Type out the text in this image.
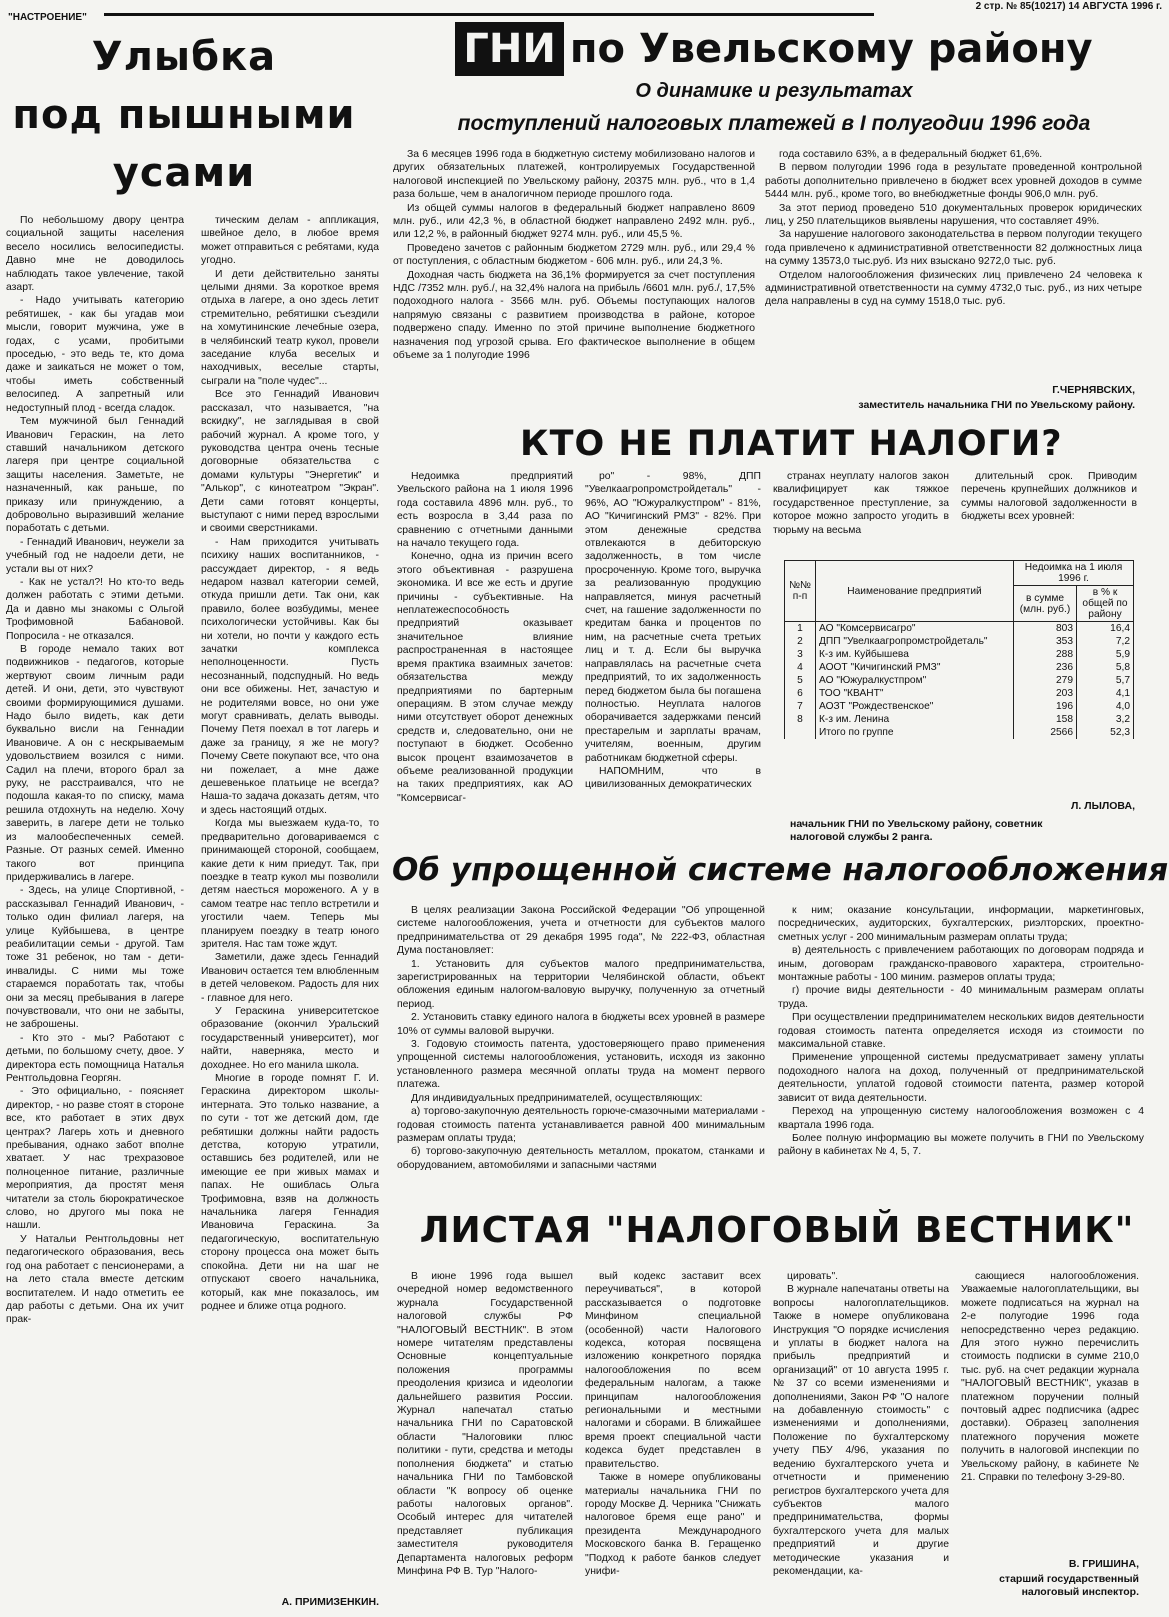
"НАСТРОЕНИЕ"
2 стр. № 85(10217) 14 АВГУСТА 1996 г.
Улыбка
под пышными
усами

По небольшому двору центра социальной защиты населения весело носились велосипедисты. Давно мне не доводилось наблюдать такое увлечение, такой азарт.

- Надо учитывать категорию ребятишек, - как бы угадав мои мысли, говорит мужчина, уже в годах, с усами, пробитыми проседью, - это ведь те, кто дома даже и заикаться не может о том, чтобы иметь собственный велосипед. А запретный или недоступный плод - всегда сладок.

Тем мужчиной был Геннадий Иванович Гераскин, на лето ставший начальником детского лагеря при центре социальной защиты населения. Заметьте, не назначенный, как раньше, по приказу или принуждению, а добровольно выразивший желание поработать с детьми.

- Геннадий Иванович, неужели за учебный год не надоели дети, не устали вы от них?

- Как не устал?! Но кто-то ведь должен работать с этими детьми. Да и давно мы знакомы с Ольгой Трофимовной Бабановой. Попросила - не отказался.

В городе немало таких вот подвижников - педагогов, которые жертвуют своим личным ради детей. И они, дети, это чувствуют своими формирующимися душами. Надо было видеть, как дети буквально висли на Геннадии Ивановиче. А он с нескрываемым удовольствием возился с ними. Садил на плечи, второго брал за руку, не расстраивался, что не подошла какая-то по списку, мама решила отдохнуть на неделю. Хочу заверить, в лагере дети не только из малообеспеченных семей. Разные. От разных семей. Именно такого вот принципа придерживались в лагере.

- Здесь, на улице Спортивной, - рассказывал Геннадий Иванович, - только один филиал лагеря, на улице Куйбышева, в центре реабилитации семьи - другой. Там тоже 31 ребенок, но там - дети-инвалиды. С ними мы тоже стараемся поработать так, чтобы они за месяц пребывания в лагере почувствовали, что они не забыты, не заброшены.

- Кто это - мы? Работают с детьми, по большому счету, двое. У директора есть помощница Наталья Рентгольдовна Георгян.

- Это официально, - поясняет директор, - но разве стоят в стороне все, кто работает в этих двух центрах? Лагерь хоть и дневного пребывания, однако забот вполне хватает. У нас трехразовое полноценное питание, различные мероприятия, да простят меня читатели за столь бюрократическое слово, но другого мы пока не нашли.

У Натальи Рентгольдовны нет педагогического образования, весь год она работает с пенсионерами, а на лето стала вместе детским воспитателем. И надо отметить ее дар работы с детьми. Она их учит прак-

тическим делам - аппликация, швейное дело, в любое время может отправиться с ребятами, куда угодно.

И дети действительно заняты целыми днями. За короткое время отдыха в лагере, а оно здесь летит стремительно, ребятишки съездили на хомутининские лечебные озера, в челябинский театр кукол, провели заседание клуба веселых и находчивых, веселые старты, сыграли на "поле чудес"...

Все это Геннадий Иванович рассказал, что называется, "на вскидку", не заглядывая в свой рабочий журнал. А кроме того, у руководства центра очень тесные договорные обязательства с домами культуры "Энергетик" и "Алькор", с кинотеатром "Экран". Дети сами готовят концерты, выступают с ними перед взрослыми и своими сверстниками.

- Нам приходится учитывать психику наших воспитанников, - рассуждает директор, - я ведь недаром назвал категории семей, откуда пришли дети. Так они, как правило, более возбудимы, менее психологически устойчивы. Как бы ни хотели, но почти у каждого есть зачатки комплекса неполноценности. Пусть несознанный, подспудный. Но ведь они все обижены. Нет, зачастую и не родителями вовсе, но они уже могут сравнивать, делать выводы. Почему Петя поехал в тот лагерь и даже за границу, я же не могу? Почему Свете покупают все, что она ни пожелает, а мне даже дешевенькое платьице не всегда? Наша-то задача доказать детям, что и здесь настоящий отдых.

Когда мы выезжаем куда-то, то предварительно договариваемся с принимающей стороной, сообщаем, какие дети к ним приедут. Так, при поездке в театр кукол мы позволили детям наесться мороженого. А у в самом театре нас тепло встретили и угостили чаем. Теперь мы планируем поездку в театр юного зрителя. Нас там тоже ждут.

Заметили, даже здесь Геннадий Иванович остается тем влюбленным в детей человеком. Радость для них - главное для него.

У Гераскина университетское образование (окончил Уральский государственный университет), мог найти, наверняка, место и доходнее. Но его манила школа.

Многие в городе помнят Г. И. Гераскина директором школы-интерната. Это только название, а по сути - тот же детский дом, где ребятишки должны найти радость детства, которую утратили, оставшись без родителей, или не имеющие ее при живых мамах и папах. Не ошиблась Ольга Трофимовна, взяв на должность начальника лагеря Геннадия Ивановича Гераскина. За педагогическую, воспитательную сторону процесса она может быть спокойна. Дети ни на шаг не отпускают своего начальника, который, как мне показалось, им роднее и ближе отца родного.

А. ПРИМИЗЕНКИН.
ГНИ по Увельскому району
О динамике и результатах
поступлений налоговых платежей в I полугодии 1996 года

За 6 месяцев 1996 года в бюджетную систему мобилизовано налогов и других обязательных платежей, контролируемых Государственной налоговой инспекцией по Увельскому району, 20375 млн. руб., что в 1,4 раза больше, чем в аналогичном периоде прошлого года.

Из общей суммы налогов в федеральный бюджет направлено 8609 млн. руб., или 42,3 %, в областной бюджет направлено 2492 млн. руб., или 12,2 %, в районный бюджет 9274 млн. руб., или 45,5 %.

Проведено зачетов с районным бюджетом 2729 млн. руб., или 29,4 % от поступления, с областным бюджетом - 606 млн. руб., или 24,3 %.

Доходная часть бюджета на 36,1% формируется за счет поступления НДС /7352 млн. руб./, на 32,4% налога на прибыль /6601 млн. руб./, 17,5% подоходного налога - 3566 млн. руб. Объемы поступающих налогов напрямую связаны с развитием производства в районе, которое подвержено спаду. Именно по этой причине выполнение бюджетного назначения под угрозой срыва. Его фактическое выполнение в общем объеме за 1 полугодие 1996

года составило 63%, а в федеральный бюджет 61,6%.

В первом полугодии 1996 года в результате проведенной контрольной работы дополнительно привлечено в бюджет всех уровней доходов в сумме 5444 млн. руб., кроме того, во внебюджетные фонды 906,0 млн. руб.

За этот период проведено 510 документальных проверок юридических лиц, у 250 плательщиков выявлены нарушения, что составляет 49%.

За нарушение налогового законодательства в первом полугодии текущего года привлечено к административной ответственности 82 должностных лица на сумму 13573,0 тыс.руб. Из них взыскано 9272,0 тыс. руб.

Отделом налогообложения физических лиц привлечено 24 человека к административной ответственности на сумму 4732,0 тыс. руб., из них четыре дела направлены в суд на сумму 1518,0 тыс. руб.

Г.ЧЕРНЯВСКИХ,
заместитель начальника ГНИ по Увельскому району.
КТО НЕ ПЛАТИТ НАЛОГИ?

Недоимка предприятий Увельского района на 1 июля 1996 года составила 4896 млн. руб., то есть возросла в 3,44 раза по сравнению с отчетными данными на начало текущего года.

Конечно, одна из причин всего этого объективная - разрушена экономика. И все же есть и другие причины - субъективные. На неплатежеспособность предприятий оказывает значительное влияние распространенная в настоящее время практика взаимных зачетов: обязательства между предприятиями по бартерным операциям. В этом случае между ними отсутствует оборот денежных средств и, следовательно, они не поступают в бюджет. Особенно высок процент взаимозачетов в объеме реализованной продукции на таких предприятиях, как АО "Комсервисаг-

ро" - 98%, ДПП "Увелкаагропромстройдеталь" - 96%, АО "Южуралкустпром" - 81%, АО "Кичигинский РМЗ" - 82%. При этом денежные средства отвлекаются в дебиторскую задолженность, в том числе просроченную. Кроме того, выручка за реализованную продукцию направляется, минуя расчетный счет, на гашение задолженности по кредитам банка и процентов по ним, на расчетные счета третьих лиц и т. д. Если бы выручка направлялась на расчетные счета предприятий, то их задолженность перед бюджетом была бы погашена полностью. Неуплата налогов оборачивается задержками пенсий престарелым и зарплаты врачам, учителям, военным, другим работникам бюджетной сферы.

НАПОМНИМ, что в цивилизованных демократических

странах неуплату налогов закон квалифицирует как тяжкое государственное преступление, за которое можно запросто угодить в тюрьму на весьма

длительный срок. Приводим перечень крупнейших должников и суммы налоговой задолженности в бюджеты всех уровней:

№№ п-п	Наименование предприятий	Недоимка на 1 июля 1996 г.	
		в сумме (млн. руб.)	в % к общей по району
1	АО "Комсервисагро"	803	16,4
2	ДПП "Увелкаагропромстройдеталь"	353	7,2
3	К-з им. Куйбышева	288	5,9
4	АООТ "Кичигинский РМЗ"	236	5,8
5	АО "Южуралкустпром"	279	5,7
6	ТОО "КВАНТ"	203	4,1
7	АОЗТ "Рождественское"	196	4,0
8	К-з им. Ленина	158	3,2
	Итого по группе	2566	52,3
Л. ЛЫЛОВА,
начальник ГНИ по Увельскому району, советник налоговой службы 2 ранга.
Об упрощенной системе налогообложения

В целях реализации Закона Российской Федерации "Об упрощенной системе налогообложения, учета и отчетности для субъектов малого предпринимательства от 29 декабря 1995 года", № 222-ФЗ, областная Дума постановляет:

1. Установить для субъектов малого предпринимательства, зарегистрированных на территории Челябинской области, объект обложения единым налогом-валовую выручку, полученную за отчетный период.

2. Установить ставку единого налога в бюджеты всех уровней в размере 10% от суммы валовой выручки.

3. Годовую стоимость патента, удостоверяющего право применения упрощенной системы налогообложения, установить, исходя из законно установленного размера месячной оплаты труда на момент первого платежа.

Для индивидуальных предпринимателей, осуществляющих:

а) торгово-закупочную деятельность горюче-смазочными материалами - годовая стоимость патента устанавливается равной 400 минимальным размерам оплаты труда;

б) торгово-закупочную деятельность металлом, прокатом, станками и оборудованием, автомобилями и запасными частями

к ним; оказание консультации, информации, маркетинговых, посреднических, аудиторских, бухгалтерских, риэлторских, проектно-сметных услуг - 200 минимальным размерам оплаты труда;

в) деятельность с привлечением работающих по договорам подряда и иным, договорам гражданско-правового характера, строительно-монтажные работы - 100 миним. размеров оплаты труда;

г) прочие виды деятельности - 40 минимальным размерам оплаты труда.

При осуществлении предпринимателем нескольких видов деятельности годовая стоимость патента определяется исходя из стоимости по максимальной ставке.

Применение упрощенной системы предусматривает замену уплаты подоходного налога на доход, полученный от предпринимательской деятельности, уплатой годовой стоимости патента, размер которой зависит от вида деятельности.

Переход на упрощенную систему налогообложения возможен с 4 квартала 1996 года.

Более полную информацию вы можете получить в ГНИ по Увельскому району в кабинетах № 4, 5, 7.

ЛИСТАЯ "НАЛОГОВЫЙ ВЕСТНИК"

В июне 1996 года вышел очередной номер ведомственного журнала Государственной налоговой службы РФ "НАЛОГОВЫЙ ВЕСТНИК". В этом номере читателям представлены Основные концептуальные положения программы преодоления кризиса и идеологии дальнейшего развития России. Журнал напечатал статью начальника ГНИ по Саратовской области "Налоговики плюс политики - пути, средства и методы пополнения бюджета" и статью начальника ГНИ по Тамбовской области "К вопросу об оценке работы налоговых органов". Особый интерес для читателей представляет публикация заместителя руководителя Департамента налоговых реформ Минфина РФ В. Тур "Налого-

вый кодекс заставит всех переучиваться", в которой рассказывается о подготовке Минфином специальной (особенной) части Налогового кодекса, которая посвящена изложению конкретного порядка налогообложения по всем федеральным налогам, а также принципам налогообложения региональными и местными налогами и сборами. В ближайшее время проект специальной части кодекса будет представлен в правительство.

Также в номере опубликованы материалы начальника ГНИ по городу Москве Д. Черника "Снижать налоговое бремя еще рано" и президента Международного Московского банка В. Геращенко "Подход к работе банков следует унифи-

цировать".

В журнале напечатаны ответы на вопросы налогоплательщиков. Также в номере опубликована Инструкция "О порядке исчисления и уплаты в бюджет налога на прибыль предприятий и организаций" от 10 августа 1995 г. № 37 со всеми изменениями и дополнениями, Закон РФ "О налоге на добавленную стоимость" с изменениями и дополнениями, Положение по бухгалтерскому учету ПБУ 4/96, указания по ведению бухгалтерского учета и отчетности и применению регистров бухгалтерского учета для субъектов малого предпринимательства, формы бухгалтерского учета для малых предприятий и другие методические указания и рекомендации, ка-

сающиеся налогообложения. Уважаемые налогоплательщики, вы можете подписаться на журнал на 2-е полугодие 1996 года непосредственно через редакцию. Для этого нужно перечислить стоимость подписки в сумме 210,0 тыс. руб. на счет редакции журнала "НАЛОГОВЫЙ ВЕСТНИК", указав в платежном поручении полный почтовый адрес подписчика (адрес доставки). Образец заполнения платежного поручения можете получить в налоговой инспекции по Увельскому району, в кабинете № 21. Справки по телефону 3-29-80.

В. ГРИШИНА,
старший государственный налоговый инспектор.
